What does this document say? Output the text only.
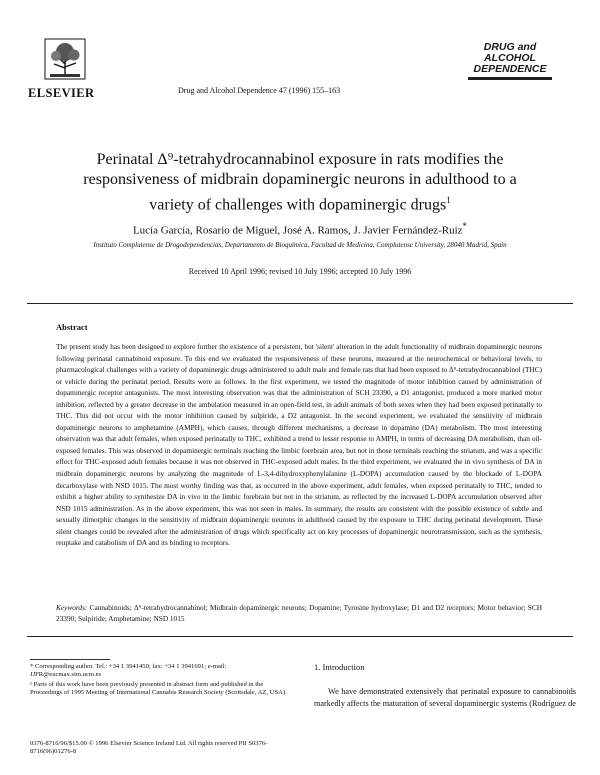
ELSEVIER	Drug and Alcohol Dependence 47 (1996) 155–163
DRUG and
ALCOHOL
DEPENDENCE
Perinatal Δ⁹-tetrahydrocannabinol exposure in rats modifies the responsiveness of midbrain dopaminergic neurons in adulthood to a variety of challenges with dopaminergic drugs$^1$
Lucía García, Rosario de Miguel, José A. Ramos, J. Javier Fernández-Ruiz*
Instituto Complutense de Drogodependencias, Departamento de Bioquímica, Facultad de Medicina, Complutense University, 28040 Madrid, Spain
Received 10 April 1996; revised 10 July 1996; accepted 10 July 1996
Abstract
The present study has been designed to explore further the existence of a persistent, but 'silent' alteration in the adult functionality of midbrain dopaminergic neurons following perinatal cannabinoid exposure. To this end we evaluated the responsiveness of these neurons, measured at the neurochemical or behavioral levels, to pharmacological challenges with a variety of dopaminergic drugs administered to adult male and female rats that had been exposed to Δ⁹-tetrahydrocannabinol (THC) or vehicle during the perinatal period. Results were as follows. In the first experiment, we tested the magnitude of motor inhibition caused by administration of dopaminergic receptor antagonists. The most interesting observation was that the administration of SCH 23390, a D1 antagonist, produced a more marked motor inhibition, reflected by a greater decrease in the ambulation measured in an open-field test, in adult animals of both sexes when they had been exposed perinatally to THC. This did not occur with the motor inhibition caused by sulpiride, a D2 antagonist. In the second experiment, we evaluated the sensitivity of midbrain dopaminergic neurons to amphetamine (AMPH), which causes, through different mechanisms, a decrease in dopamine (DA) metabolism. The most interesting observation was that adult females, when exposed perinatally to THC, exhibited a trend to lesser response to AMPH, in terms of decreasing DA metabolism, than oil-exposed females. This was observed in dopaminergic terminals reaching the limbic forebrain area, but not in those terminals reaching the striatum, and was a specific effect for THC-exposed adult females because it was not observed in THC-exposed adult males. In the third experiment, we evaluated the in vivo synthesis of DA in midbrain dopaminergic neurons by analyzing the magnitude of L-3,4-dihydroxyphenylalanine (L-DOPA) accumulation caused by the blockade of L-DOPA decarboxylase with NSD 1015. The most worthy finding was that, as occurred in the above experiment, adult females, when exposed perinatally to THC, tended to exhibit a higher ability to synthesize DA in vivo in the limbic forebrain but not in the striatum, as reflected by the increased L-DOPA accumulation observed after NSD 1015 administration. As in the above experiment, this was not seen in males. In summary, the results are consistent with the possible existence of subtle and sexually dimorphic changes in the sensitivity of midbrain dopaminergic neurons in adulthood caused by the exposure to THC during perinatal development. These silent changes could be revealed after the administration of drugs which specifically act on key processes of dopaminergic neurotransmission, such as the synthesis, reuptake and catabolism of DA and its binding to receptors.
Keywords: Cannabinoids; Δ⁹-tetrahydrocannabinol; Midbrain dopaminergic neurons; Dopamine; Tyrosine hydroxylase; D1 and D2 receptors; Motor behavior; SCH 23390; Sulpiride; Amphetamine; NSD 1015

* Corresponding author. Tel.: +34 1 3941450; fax: +34 1 3941691; e-mail: JJFR@eucmax.sim.ucm.es

¹ Parts of this work have been previously presented in abstract form and published in the Proceedings of 1995 Meeting of International Cannabis Research Society (Scottsdale, AZ, USA).

0376-8716/96/$15.00 © 1996 Elsevier Science Ireland Ltd. All rights reserved PII S0376-8716(96)01276-8
1. Introduction
We have demonstrated extensively that perinatal exposure to cannabinoids markedly affects the maturation of several dopaminergic systems (Rodríguez de
